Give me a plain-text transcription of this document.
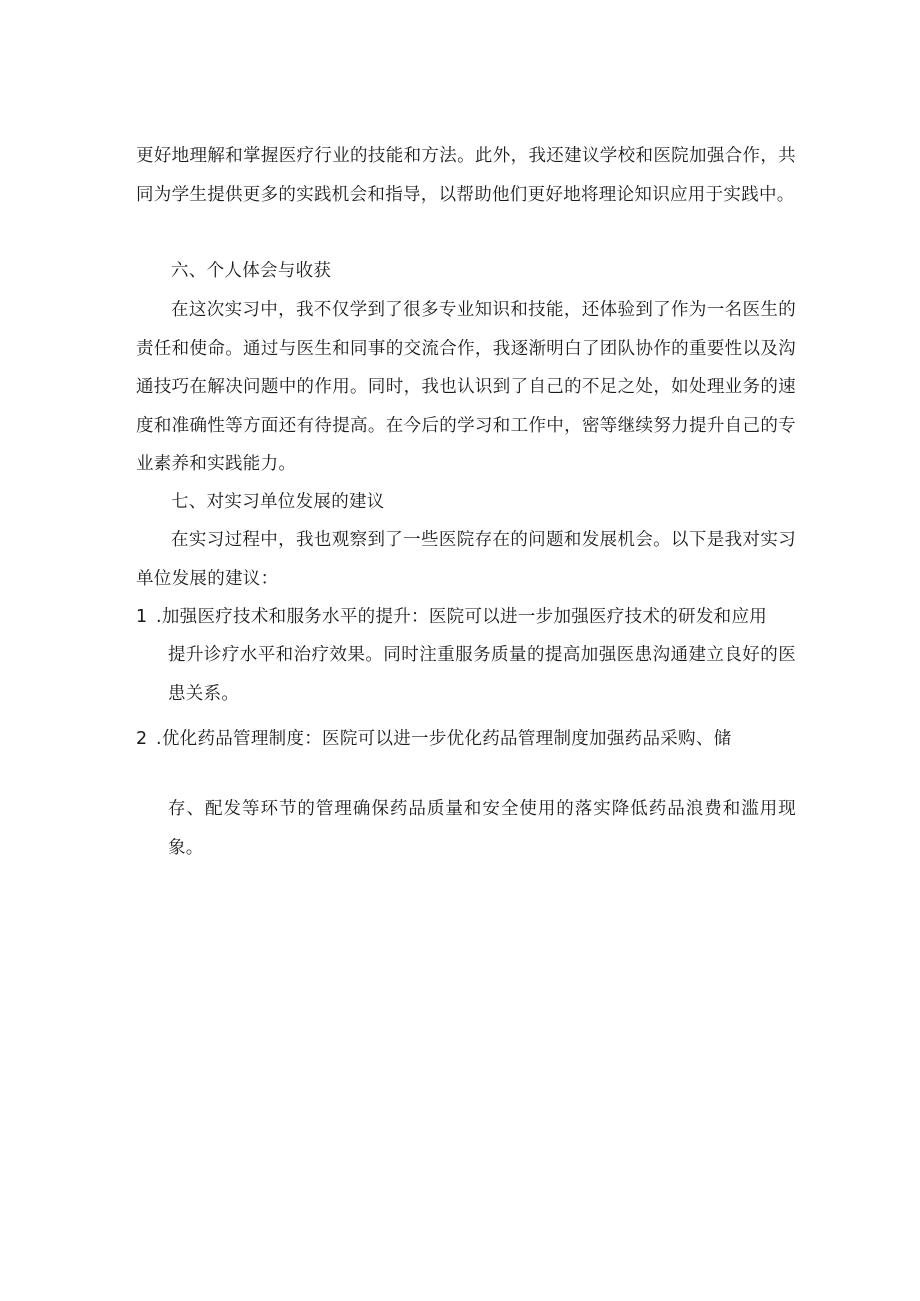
更好地理解和掌握医疗行业的技能和方法。此外，我还建议学校和医院加强合作，共同为学生提供更多的实践机会和指导，以帮助他们更好地将理论知识应用于实践中。

六、个人体会与收获

在这次实习中，我不仅学到了很多专业知识和技能，还体验到了作为一名医生的责任和使命。通过与医生和同事的交流合作，我逐渐明白了团队协作的重要性以及沟通技巧在解决问题中的作用。同时，我也认识到了自己的不足之处，如处理业务的速度和准确性等方面还有待提高。在今后的学习和工作中，密等继续努力提升自己的专业素养和实践能力。

七、对实习单位发展的建议

在实习过程中，我也观察到了一些医院存在的问题和发展机会。以下是我对实习单位发展的建议：

1 .加强医疗技术和服务水平的提升：医院可以进一步加强医疗技术的研发和应用

提升诊疗水平和治疗效果。同时注重服务质量的提高加强医患沟通建立良好的医患关系。

2 .优化药品管理制度：医院可以进一步优化药品管理制度加强药品采购、储

存、配发等环节的管理确保药品质量和安全使用的落实降低药品浪费和滥用现象。
